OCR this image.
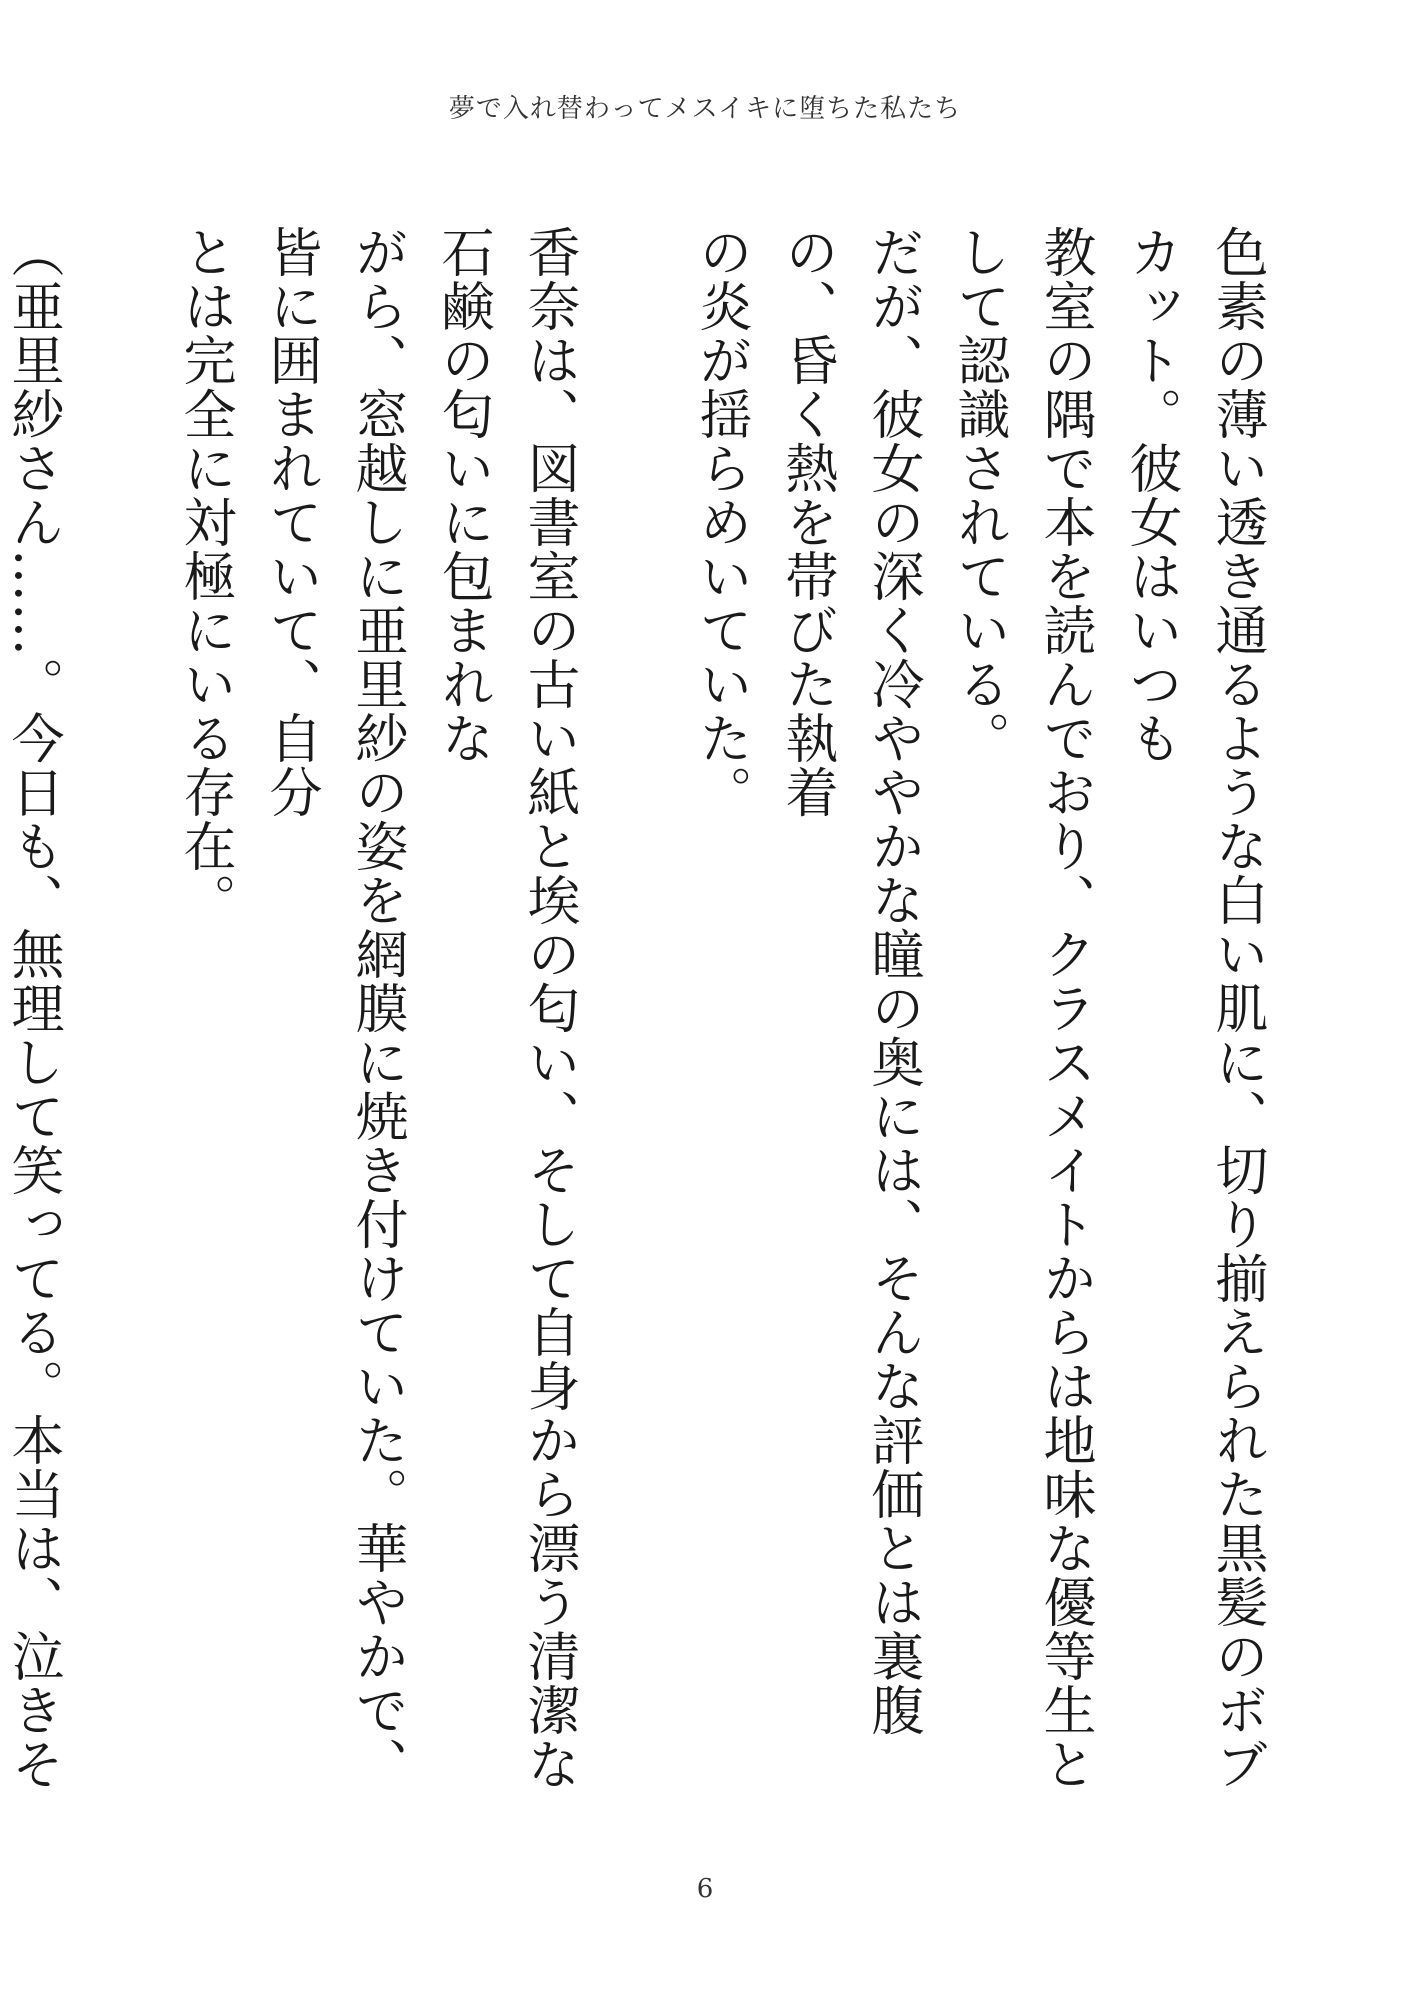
夢で入れ替わってメスイキに堕ちた私たち

色素の薄い透き通るような白い肌に、切り揃えられた黒髪のボブカット。彼女はいつも
教室の隅で本を読んでおり、クラスメイトからは地味な優等生として認識されている。
だが、彼女の深く冷ややかな瞳の奥には、そんな評価とは裏腹の、昏く熱を帯びた執着
の炎が揺らめいていた。

香奈は、図書室の古い紙と埃の匂い、そして自身から漂う清潔な石鹸の匂いに包まれな
がら、窓越しに亜里紗の姿を網膜に焼き付けていた。華やかで、皆に囲まれていて、自分
とは完全に対極にいる存在。

（亜里紗さん……。今日も、無理して笑ってる。本当は、泣きそ

6
